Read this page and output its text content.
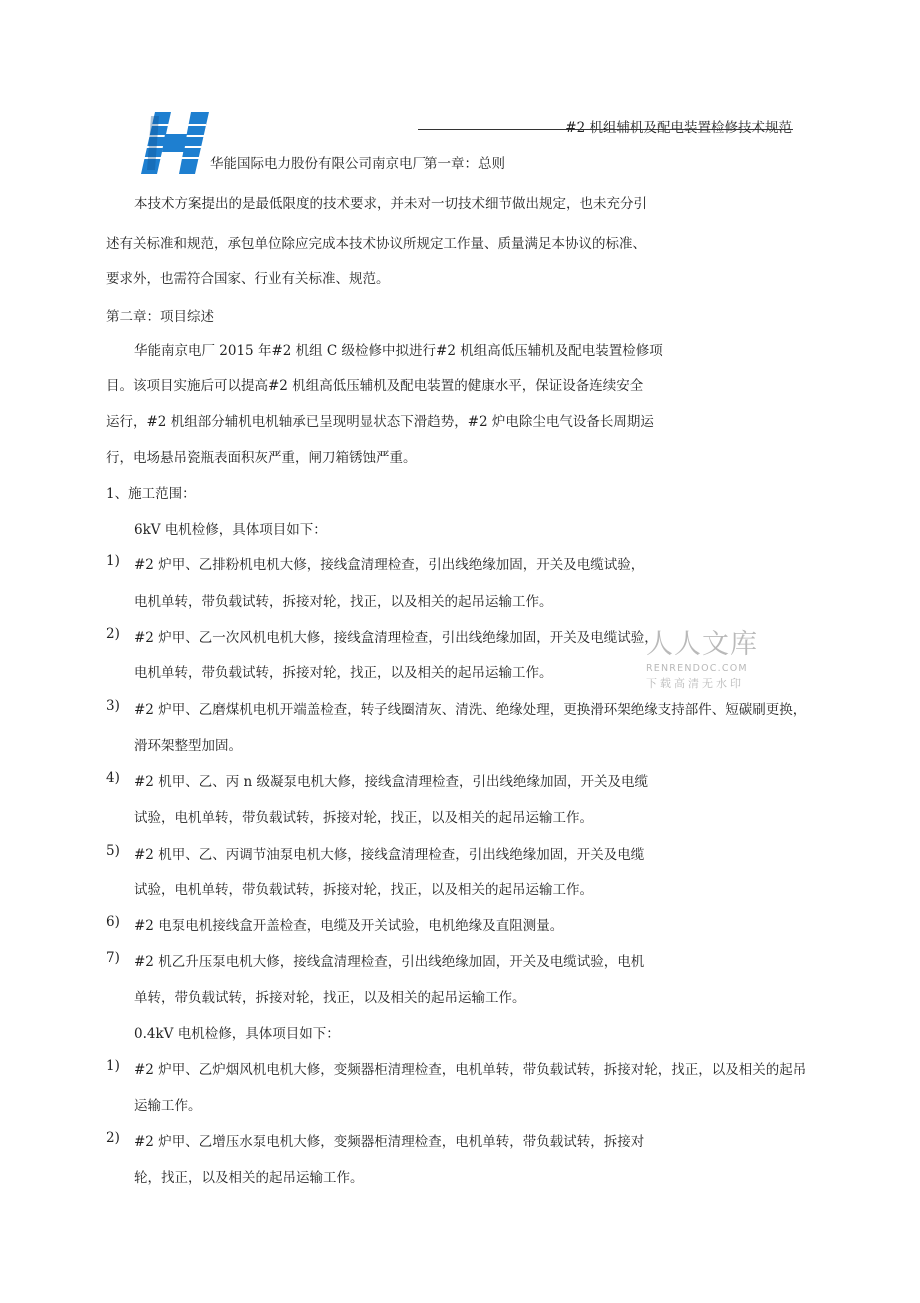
#2 机组辅机及配电装置检修技术规范
华能国际电力股份有限公司南京电厂
第一章：总则
本技术方案提出的是最低限度的技术要求，并未对一切技术细节做出规定，也未充分引
述有关标准和规范，承包单位除应完成本技术协议所规定工作量、质量满足本协议的标准、
要求外，也需符合国家、行业有关标准、规范。
第二章：项目综述
华能南京电厂 2015 年#2 机组 C 级检修中拟进行#2 机组高低压辅机及配电装置检修项
目。该项目实施后可以提高#2 机组高低压辅机及配电装置的健康水平，保证设备连续安全
运行，#2 机组部分辅机电机轴承已呈现明显状态下滑趋势，#2 炉电除尘电气设备长周期运
行，电场悬吊瓷瓶表面积灰严重，闸刀箱锈蚀严重。
1、施工范围：
6kV 电机检修，具体项目如下：
1) #2 炉甲、乙排粉机电机大修，接线盒清理检查，引出线绝缘加固，开关及电缆试验，
电机单转，带负载试转，拆接对轮，找正，以及相关的起吊运输工作。
2) #2 炉甲、乙一次风机电机大修，接线盒清理检查，引出线绝缘加固，开关及电缆试验，
电机单转，带负载试转，拆接对轮，找正，以及相关的起吊运输工作。
3) #2 炉甲、乙磨煤机电机开端盖检查，转子线圈清灰、清洗、绝缘处理，更换滑环架绝缘支持部件、短碳刷更换，
滑环架整型加固。
4) #2 机甲、乙、丙 n 级凝泵电机大修，接线盒清理检查，引出线绝缘加固，开关及电缆
试验，电机单转，带负载试转，拆接对轮，找正，以及相关的起吊运输工作。
5) #2 机甲、乙、丙调节油泵电机大修，接线盒清理检查，引出线绝缘加固，开关及电缆
试验，电机单转，带负载试转，拆接对轮，找正，以及相关的起吊运输工作。
6) #2 电泵电机接线盒开盖检查，电缆及开关试验，电机绝缘及直阻测量。
7) #2 机乙升压泵电机大修，接线盒清理检查，引出线绝缘加固，开关及电缆试验，电机
单转，带负载试转，拆接对轮，找正，以及相关的起吊运输工作。
0.4kV 电机检修，具体项目如下：
1) #2 炉甲、乙炉烟风机电机大修，变频器柜清理检查，电机单转，带负载试转，拆接对轮，找正，以及相关的起吊
运输工作。
2) #2 炉甲、乙增压水泵电机大修，变频器柜清理检查，电机单转，带负载试转，拆接对
轮，找正，以及相关的起吊运输工作。
人人文库
RENRENDOC.COM
下载高清无水印
